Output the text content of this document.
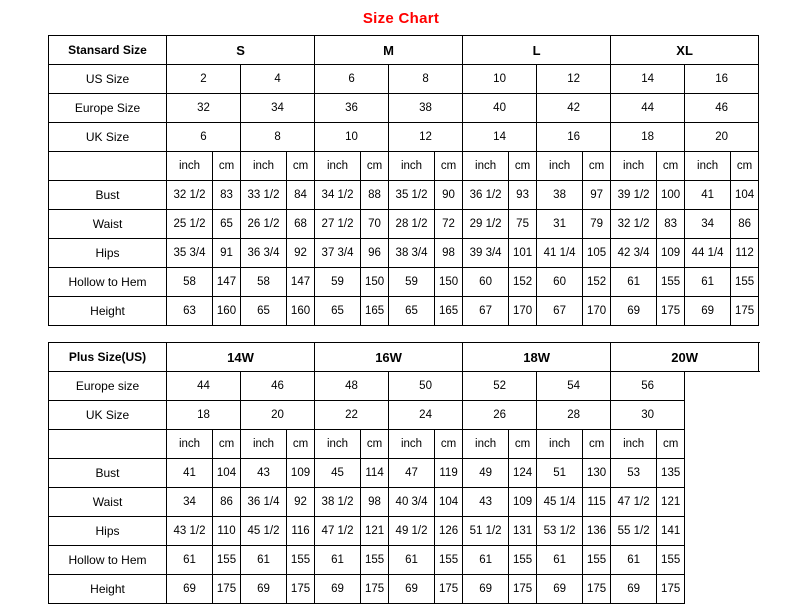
Size Chart
Stansard Size	S				M				L				XL			
US Size	2		4		6		8		10		12		14		16	
Europe Size	32		34		36		38		40		42		44		46	
UK Size	6		8		10		12		14		16		18		20	
	inch	cm	inch	cm	inch	cm	inch	cm	inch	cm	inch	cm	inch	cm	inch	cm
Bust	32 1/2	83	33 1/2	84	34 1/2	88	35 1/2	90	36 1/2	93	38	97	39 1/2	100	41	104
Waist	25 1/2	65	26 1/2	68	27 1/2	70	28 1/2	72	29 1/2	75	31	79	32 1/2	83	34	86
Hips	35 3/4	91	36 3/4	92	37 3/4	96	38 3/4	98	39 3/4	101	41 1/4	105	42 3/4	109	44 1/4	112
Hollow to Hem	58	147	58	147	59	150	59	150	60	152	60	152	61	155	61	155
Height	63	160	65	160	65	165	65	165	67	170	67	170	69	175	69	175
Plus Size(US)	14W				16W				18W				20W				
Europe size	44		46		48		50		52		54		56			
UK Size	18		20		22		24		26		28		30			
	inch	cm	inch	cm	inch	cm	inch	cm	inch	cm	inch	cm	inch	cm		
Bust	41	104	43	109	45	114	47	119	49	124	51	130	53	135		
Waist	34	86	36 1/4	92	38 1/2	98	40 3/4	104	43	109	45 1/4	115	47 1/2	121		
Hips	43 1/2	110	45 1/2	116	47 1/2	121	49 1/2	126	51 1/2	131	53 1/2	136	55 1/2	141		
Hollow to Hem	61	155	61	155	61	155	61	155	61	155	61	155	61	155		
Height	69	175	69	175	69	175	69	175	69	175	69	175	69	175		
